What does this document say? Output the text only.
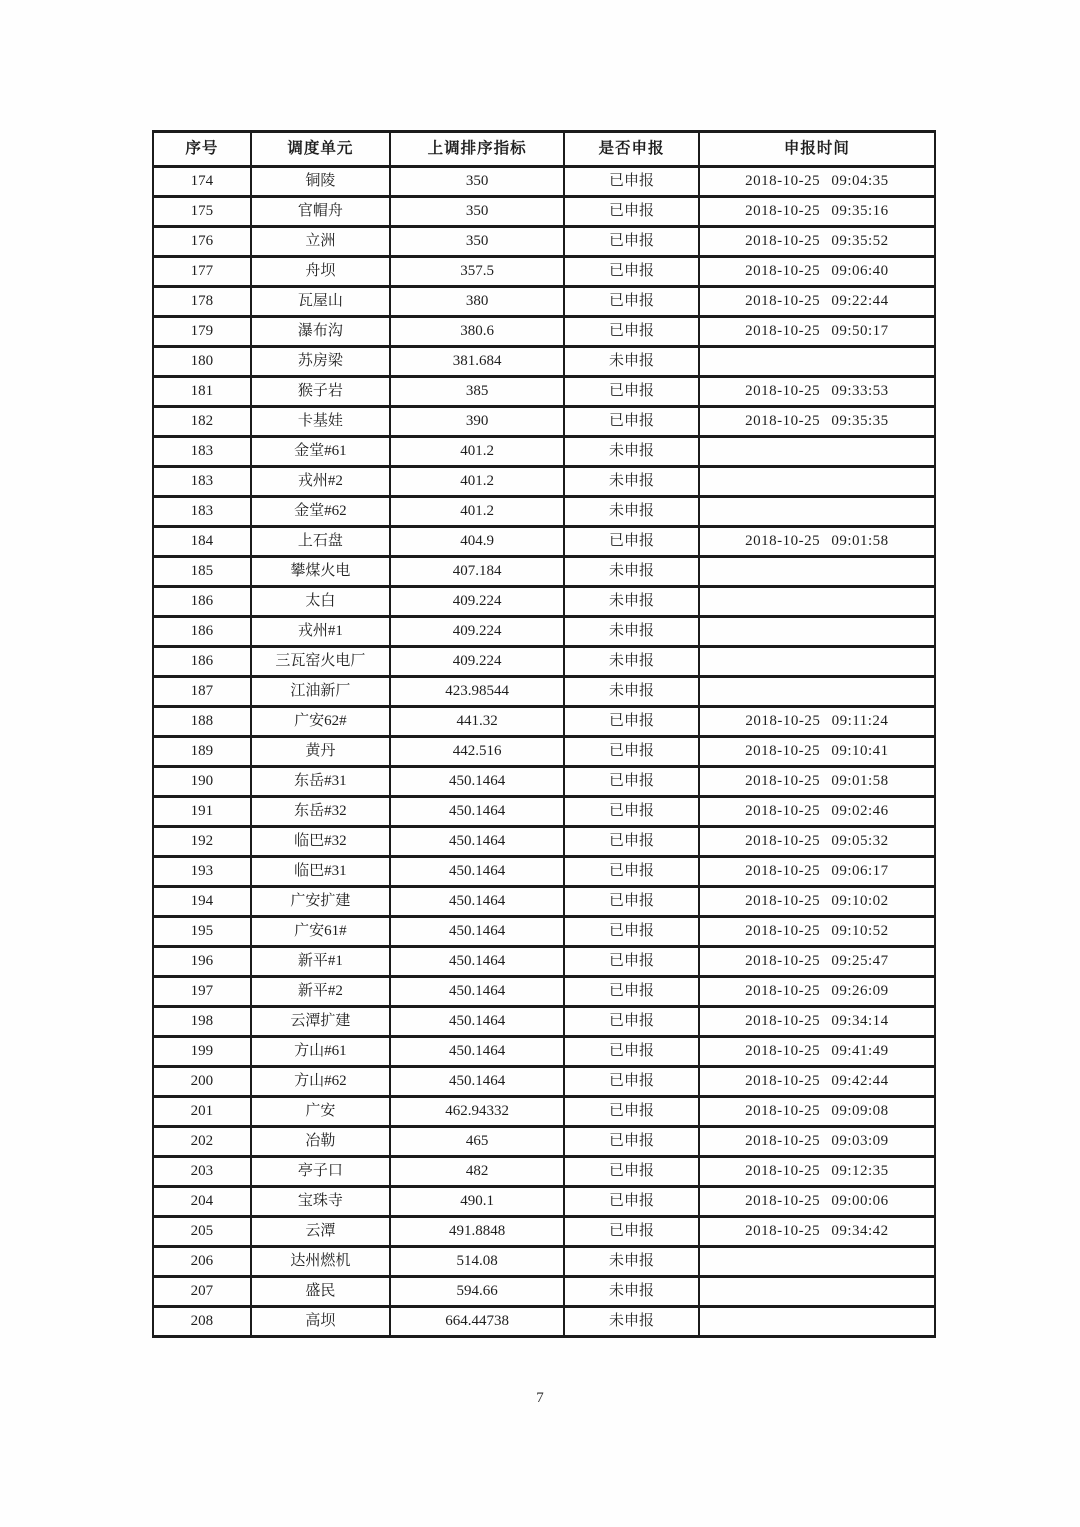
序号	调度单元	上调排序指标	是否申报	申报时间
174	铜陵	350	已申报	2018-10-25 09:04:35
175	官帽舟	350	已申报	2018-10-25 09:35:16
176	立洲	350	已申报	2018-10-25 09:35:52
177	舟坝	357.5	已申报	2018-10-25 09:06:40
178	瓦屋山	380	已申报	2018-10-25 09:22:44
179	瀑布沟	380.6	已申报	2018-10-25 09:50:17
180	苏房梁	381.684	未申报	
181	猴子岩	385	已申报	2018-10-25 09:33:53
182	卡基娃	390	已申报	2018-10-25 09:35:35
183	金堂#61	401.2	未申报	
183	戎州#2	401.2	未申报	
183	金堂#62	401.2	未申报	
184	上石盘	404.9	已申报	2018-10-25 09:01:58
185	攀煤火电	407.184	未申报	
186	太白	409.224	未申报	
186	戎州#1	409.224	未申报	
186	三瓦窑火电厂	409.224	未申报	
187	江油新厂	423.98544	未申报	
188	广安62#	441.32	已申报	2018-10-25 09:11:24
189	黄丹	442.516	已申报	2018-10-25 09:10:41
190	东岳#31	450.1464	已申报	2018-10-25 09:01:58
191	东岳#32	450.1464	已申报	2018-10-25 09:02:46
192	临巴#32	450.1464	已申报	2018-10-25 09:05:32
193	临巴#31	450.1464	已申报	2018-10-25 09:06:17
194	广安扩建	450.1464	已申报	2018-10-25 09:10:02
195	广安61#	450.1464	已申报	2018-10-25 09:10:52
196	新平#1	450.1464	已申报	2018-10-25 09:25:47
197	新平#2	450.1464	已申报	2018-10-25 09:26:09
198	云潭扩建	450.1464	已申报	2018-10-25 09:34:14
199	方山#61	450.1464	已申报	2018-10-25 09:41:49
200	方山#62	450.1464	已申报	2018-10-25 09:42:44
201	广安	462.94332	已申报	2018-10-25 09:09:08
202	冶勒	465	已申报	2018-10-25 09:03:09
203	亭子口	482	已申报	2018-10-25 09:12:35
204	宝珠寺	490.1	已申报	2018-10-25 09:00:06
205	云潭	491.8848	已申报	2018-10-25 09:34:42
206	达州燃机	514.08	未申报	
207	盛民	594.66	未申报	
208	高坝	664.44738	未申报	
7
